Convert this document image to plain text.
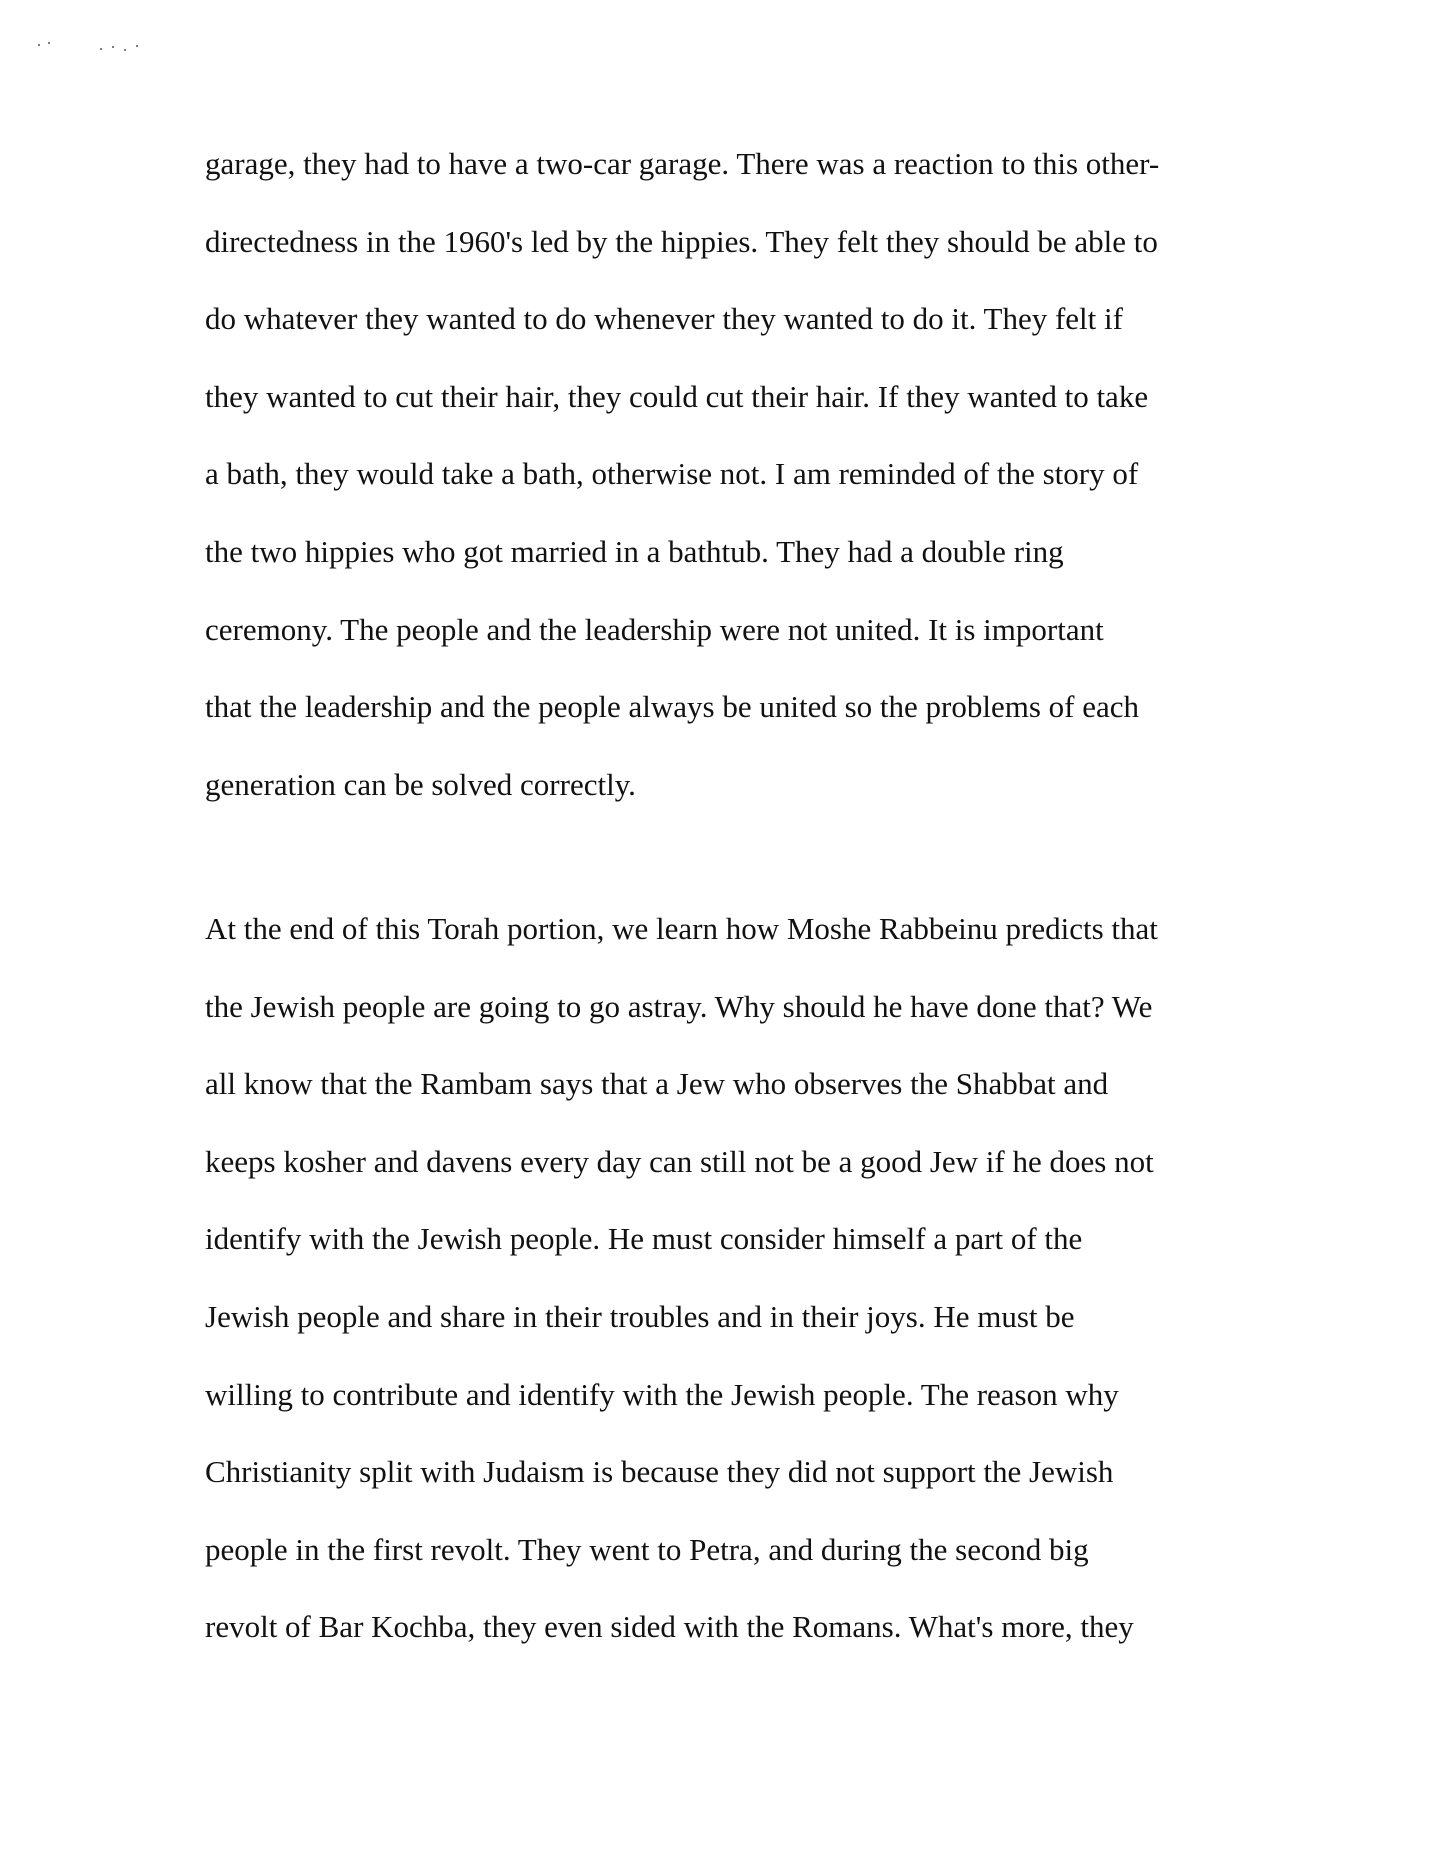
garage, they had to have a two-car garage. There was a reaction to this other-
directedness in the 1960's led by the hippies. They felt they should be able to
do whatever they wanted to do whenever they wanted to do it. They felt if
they wanted to cut their hair, they could cut their hair. If they wanted to take
a bath, they would take a bath, otherwise not. I am reminded of the story of
the two hippies who got married in a bathtub. They had a double ring
ceremony. The people and the leadership were not united. It is important
that the leadership and the people always be united so the problems of each
generation can be solved correctly.
At the end of this Torah portion, we learn how Moshe Rabbeinu predicts that
the Jewish people are going to go astray. Why should he have done that? We
all know that the Rambam says that a Jew who observes the Shabbat and
keeps kosher and davens every day can still not be a good Jew if he does not
identify with the Jewish people. He must consider himself a part of the
Jewish people and share in their troubles and in their joys. He must be
willing to contribute and identify with the Jewish people. The reason why
Christianity split with Judaism is because they did not support the Jewish
people in the first revolt. They went to Petra, and during the second big
revolt of Bar Kochba, they even sided with the Romans. What's more, they
